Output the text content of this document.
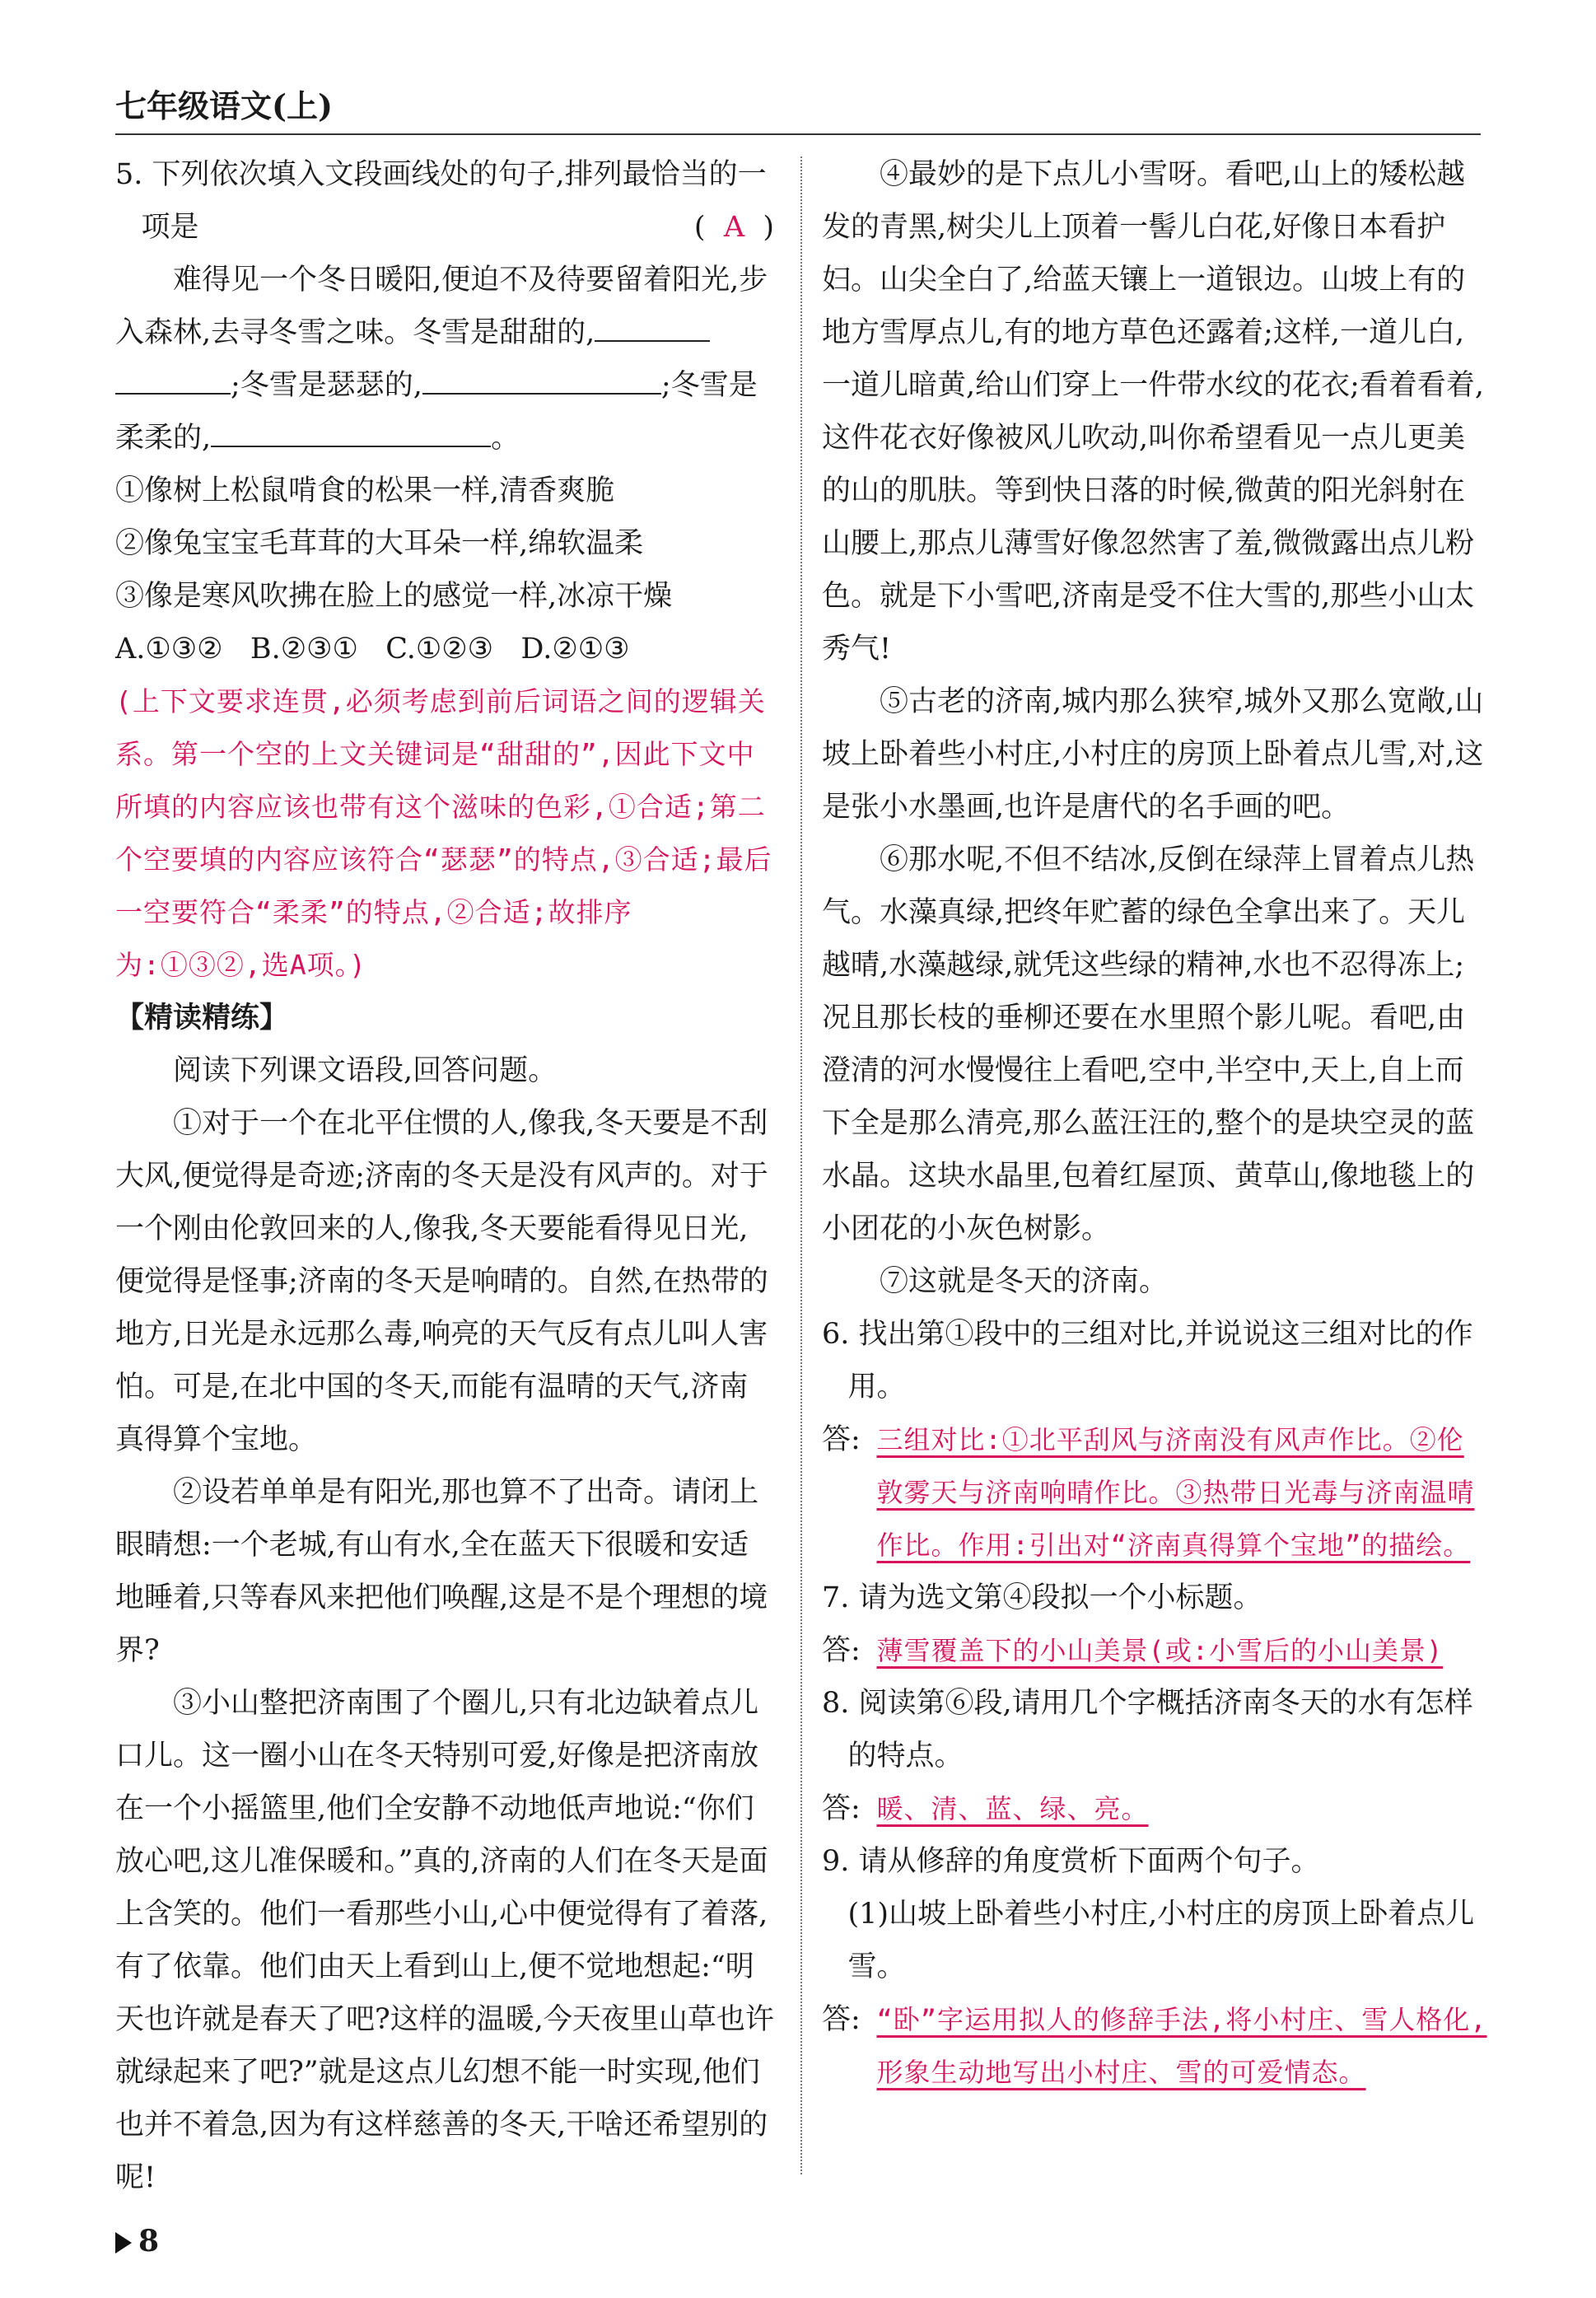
七年级语文(上)

5. 下列依次填入文段画线处的句子,排列最恰当的一项是	(  A  )

难得见一个冬日暖阳,便迫不及待要留着阳光,步入森林,去寻冬雪之味。冬雪是甜甜的,;冬雪是瑟瑟的,	;冬雪是柔柔的,	。

①像树上松鼠啃食的松果一样,清香爽脆

②像兔宝宝毛茸茸的大耳朵一样,绵软温柔

③像是寒风吹拂在脸上的感觉一样,冰凉干燥

A.①③②   B.②③①   C.①②③   D.②①③

(上下文要求连贯,必须考虑到前后词语之间的逻辑关系。第一个空的上文关键词是“甜甜的”,因此下文中所填的内容应该也带有这个滋味的色彩,①合适;第二个空要填的内容应该符合“瑟瑟”的特点,③合适;最后一空要符合“柔柔”的特点,②合适;故排序为:①③②,选A项。)

【精读精练】

阅读下列课文语段,回答问题。

①对于一个在北平住惯的人,像我,冬天要是不刮大风,便觉得是奇迹;济南的冬天是没有风声的。对于一个刚由伦敦回来的人,像我,冬天要能看得见日光,便觉得是怪事;济南的冬天是响晴的。自然,在热带的地方,日光是永远那么毒,响亮的天气反有点儿叫人害怕。可是,在北中国的冬天,而能有温晴的天气,济南真得算个宝地。

②设若单单是有阳光,那也算不了出奇。请闭上眼睛想:一个老城,有山有水,全在蓝天下很暖和安适地睡着,只等春风来把他们唤醒,这是不是个理想的境界?

③小山整把济南围了个圈儿,只有北边缺着点儿口儿。这一圈小山在冬天特别可爱,好像是把济南放在一个小摇篮里,他们全安静不动地低声地说:“你们放心吧,这儿准保暖和。”真的,济南的人们在冬天是面上含笑的。他们一看那些小山,心中便觉得有了着落,有了依靠。他们由天上看到山上,便不觉地想起:“明天也许就是春天了吧?这样的温暖,今天夜里山草也许就绿起来了吧?”就是这点儿幻想不能一时实现,他们也并不着急,因为有这样慈善的冬天,干啥还希望别的呢!

④最妙的是下点儿小雪呀。看吧,山上的矮松越发的青黑,树尖儿上顶着一髻儿白花,好像日本看护妇。山尖全白了,给蓝天镶上一道银边。山坡上有的地方雪厚点儿,有的地方草色还露着;这样,一道儿白,一道儿暗黄,给山们穿上一件带水纹的花衣;看着看着,这件花衣好像被风儿吹动,叫你希望看见一点儿更美的山的肌肤。等到快日落的时候,微黄的阳光斜射在山腰上,那点儿薄雪好像忽然害了羞,微微露出点儿粉色。就是下小雪吧,济南是受不住大雪的,那些小山太秀气!

⑤古老的济南,城内那么狭窄,城外又那么宽敞,山坡上卧着些小村庄,小村庄的房顶上卧着点儿雪,对,这是张小水墨画,也许是唐代的名手画的吧。

⑥那水呢,不但不结冰,反倒在绿萍上冒着点儿热气。水藻真绿,把终年贮蓄的绿色全拿出来了。天儿越晴,水藻越绿,就凭这些绿的精神,水也不忍得冻上;况且那长枝的垂柳还要在水里照个影儿呢。看吧,由澄清的河水慢慢往上看吧,空中,半空中,天上,自上而下全是那么清亮,那么蓝汪汪的,整个的是块空灵的蓝水晶。这块水晶里,包着红屋顶、黄草山,像地毯上的小团花的小灰色树影。

⑦这就是冬天的济南。

6. 找出第①段中的三组对比,并说说这三组对比的作用。

答: 三组对比:①北平刮风与济南没有风声作比。②伦敦雾天与济南响晴作比。③热带日光毒与济南温晴作比。作用:引出对“济南真得算个宝地”的描绘。

7. 请为选文第④段拟一个小标题。

答: 薄雪覆盖下的小山美景(或:小雪后的小山美景)

8. 阅读第⑥段,请用几个字概括济南冬天的水有怎样的特点。

答: 暖、清、蓝、绿、亮。

9. 请从修辞的角度赏析下面两个句子。

(1)山坡上卧着些小村庄,小村庄的房顶上卧着点儿雪。

答: “卧”字运用拟人的修辞手法,将小村庄、雪人格化,形象生动地写出小村庄、雪的可爱情态。

8
